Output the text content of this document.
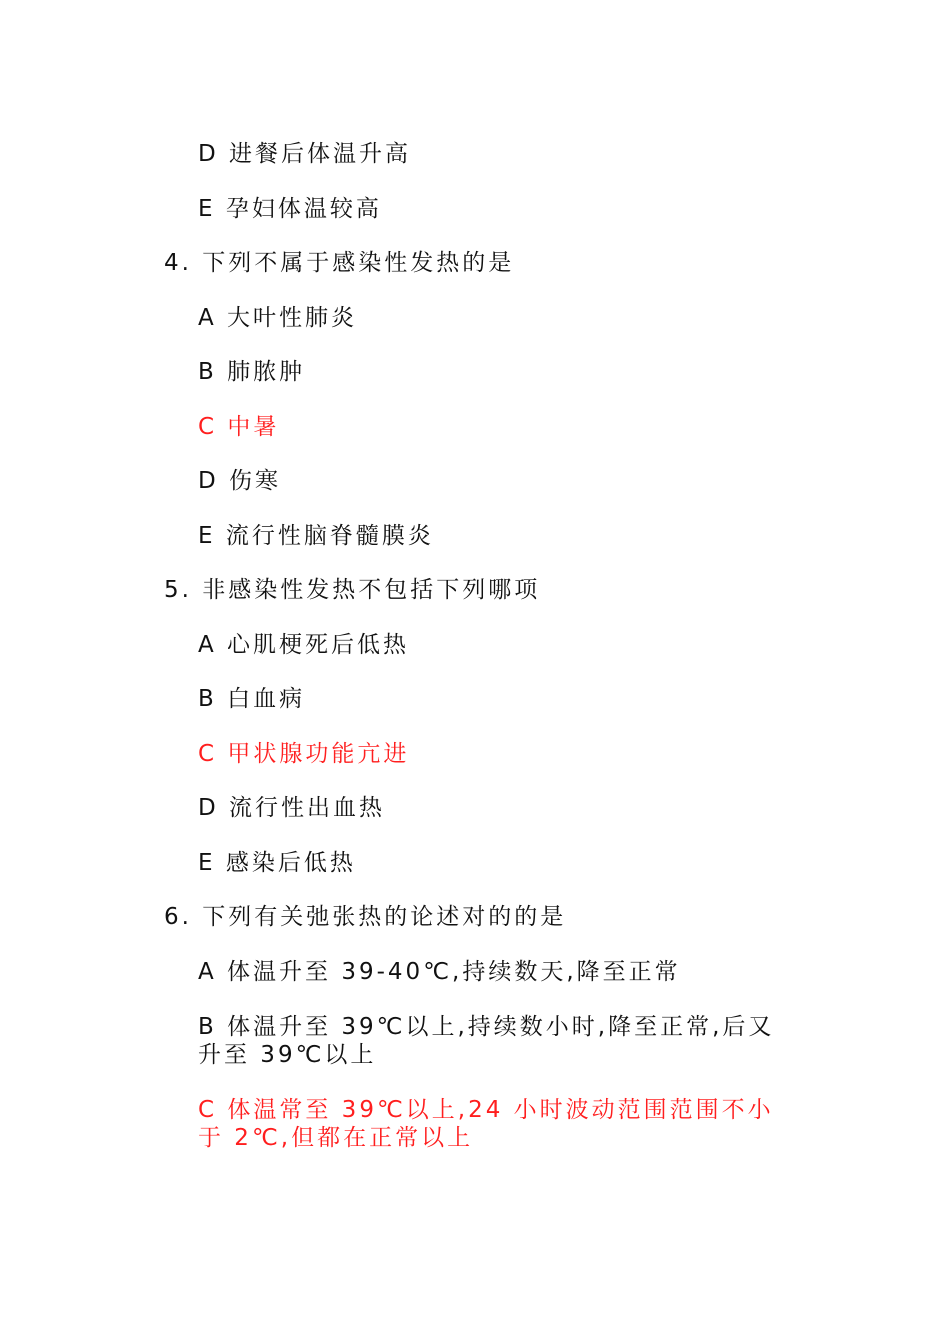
D 进餐后体温升高
E 孕妇体温较高
4. 下列不属于感染性发热的是
A 大叶性肺炎
B 肺脓肿
C 中暑
D 伤寒
E 流行性脑脊髓膜炎
5. 非感染性发热不包括下列哪项
A 心肌梗死后低热
B 白血病
C 甲状腺功能亢进
D 流行性出血热
E 感染后低热
6. 下列有关弛张热的论述对的的是
A 体温升至 39-40℃,持续数天,降至正常
B 体温升至 39℃以上,持续数小时,降至正常,后又升至 39℃以上
C 体温常至 39℃以上,24 小时波动范围范围不小于 2℃,但都在正常以上
